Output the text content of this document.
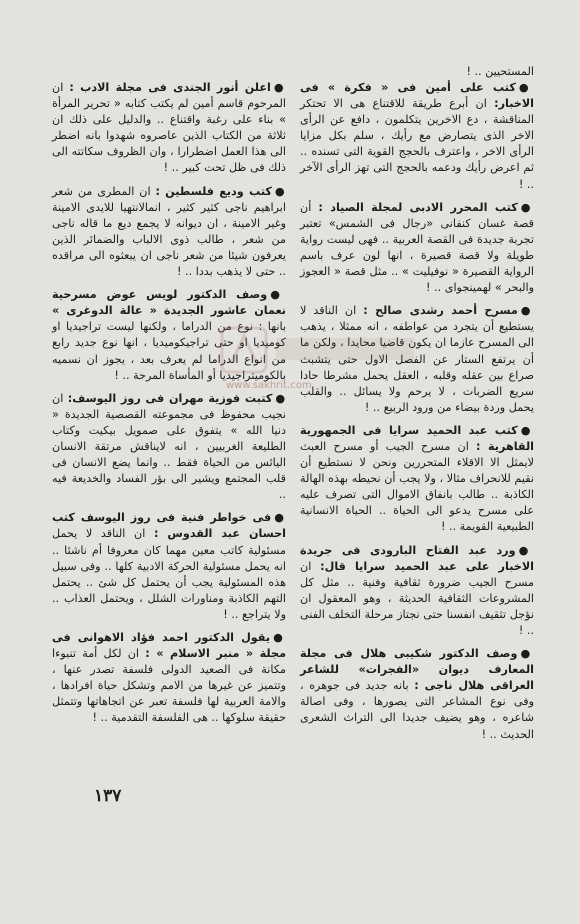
المستحيين .. !

●كتب على أمين فى « فكرة » فى الاخبار: ان أبرع طريقة للاقتناع هى الا تحتكر المناقشة ، دع الاخرين يتكلمون ، دافع عن الرأى الاخر الذى يتصارض مع رأيك ، سلم بكل مزايا الرأى الاخر ، واعترف بالحجج القوية التى تسنده .. ثم اعرض رأيك ودعمه بالحجج التى تهز الرأى الآخر .. !

●كتب المحرر الادبى لمجلة الصياد : أن قصة غسان كنفانى «رجال فى الشمس» تعتبر تجربة جديدة فى القصة العربية .. فهى ليست رواية طويلة ولا قصة قصيرة ، انها لون عرف باسم الرواية القصيرة « نوفيليت » .. مثل قصة « العجوز والبحر » لهمينجواى .. !

●مسرح أحمد رشدى صالح : ان الناقد لا يستطيع أن يتجرد من عواطفه ، انه ممثلا ، يذهب الى المسرح عازما ان يكون قاضيا محايدا ، ولكن ما أن يرتفع الستار عن الفصل الاول حتى يتشبث صراع بين عقله وقلبه ، العقل يحمل مشرطا حادا سريع الضربات ، لا يرحم ولا يسائل .. والقلب يحمل وردة بيضاء من ورود الربيع .. !

●كتب عبد الحميد سرايا فى الجمهورية القاهرية : ان مسرح الجيب أو مسرح العبث لايمثل الا الاقلاء المتحررين ونحن لا نستطيع أن نقيم للانحراف مثالا ، ولا يجب أن نحيطه بهذه الهالة الكاذبة .. طالب بانفاق الاموال التى تصرف عليه على مسرح يدعو الى الحياة .. الحياة الانسانية الطبيعية القويمة .. !

●ورد عبد الفتاح البارودى فى جريدة الاخبار على عبد الحميد سرايا قال: ان مسرح الجيب ضرورة ثقافية وفنية .. مثل كل المشروعات الثقافية الحديثة ، وهو المعقول ان نؤجل تثقيف انفسنا حتى نجتاز مرحلة التخلف الفنى .. !

●وصف الدكتور شكيبى هلال فى مجلة المعارف ديوان «الفجرات» للشاعر العراقى هلال ناجى : بانه جديد فى جوهره ، وفى نوع المشاعر التى يصورها ، وفى اصالة شاعره ، وهو يضيف جديدا الى التراث الشعرى الحديث .. !

●اعلن أنور الجندى فى مجلة الادب : ان المرحوم قاسم أمين لم يكتب كتابه « تحرير المرأة » بناء على رغبة واقتناع .. والدليل على ذلك ان ثلاثة من الكتاب الذين عاصروه شهدوا بانه اضطر الى هذا العمل اضطرارا ، وان الظروف سكاتته الى ذلك فى ظل تحت كبير .. !

●كتب وديع فلسطين : ان المطرى من شعر ابراهيم ناجى كثير كثير ، انمالانتهيا للايدى الامينة وغير الامينة ، ان ديوانه لا يجمع ديع ما قاله ناجى من شعر ، طالب ذوى الالباب والضمائر الذين يعرفون شيئا من شعر ناجى ان يبعثوه الى مراقده .. حتى لا يذهب بددا .. !

●وصف الدكتور لويس عوض مسرحية نعمان عاشور الجديدة « عالة الدوغرى » بانها : نوع من الدراما ، ولكنها ليست تراجيديا او كوميديا او حتى تراجيكوميديا ، انها نوع جديد رابع من انواع الدراما لم يعرف بعد ، يجوز ان نسميه بالكوميتراجيديا أو المأساة المرحة .. !

●كتبت فوزية مهران فى روز اليوسف: ان نجيب محفوظ فى مجموعته القصصية الجديدة « دنيا الله » يتفوق على صمويل بيكيت وكتاب الطليعة الغربيين ، انه لايناقش مرتقة الانسان اليائس من الحياة فقط .. وانما يضع الانسان فى قلب المجتمع ويشير الى بؤر الفساد والخديعة فيه ..

●فى خواطر فنية فى روز اليوسف كتب احسان عبد القدوس : ان الناقد لا يحمل مسئولية كاتب معين مهما كان معروفا أم ناشئا .. انه يحمل مسئولية الحركة الادبية كلها .. وفى سبيل هذه المسئولية يجب أن يحتمل كل شئ .. يحتمل التهم الكاذبة ومناورات الشلل ، ويحتمل العذاب .. ولا يتراجع .. !

●يقول الدكتور احمد فؤاد الاهوانى فى مجلة « منبر الاسلام » : ان لكل أمة تنبوءا مكانة فى الصعيد الدولى فلسفة تصدر عنها ، وتتميز عن غيرها من الامم وتشكل حياة افرادها ، والامة العربية لها فلسفة تعبر عن اتجاهاتها وتتمثل حقيقة سلوكها .. هى الفلسفة التقدمية .. !

www.sakhrit.com
١٣٧
